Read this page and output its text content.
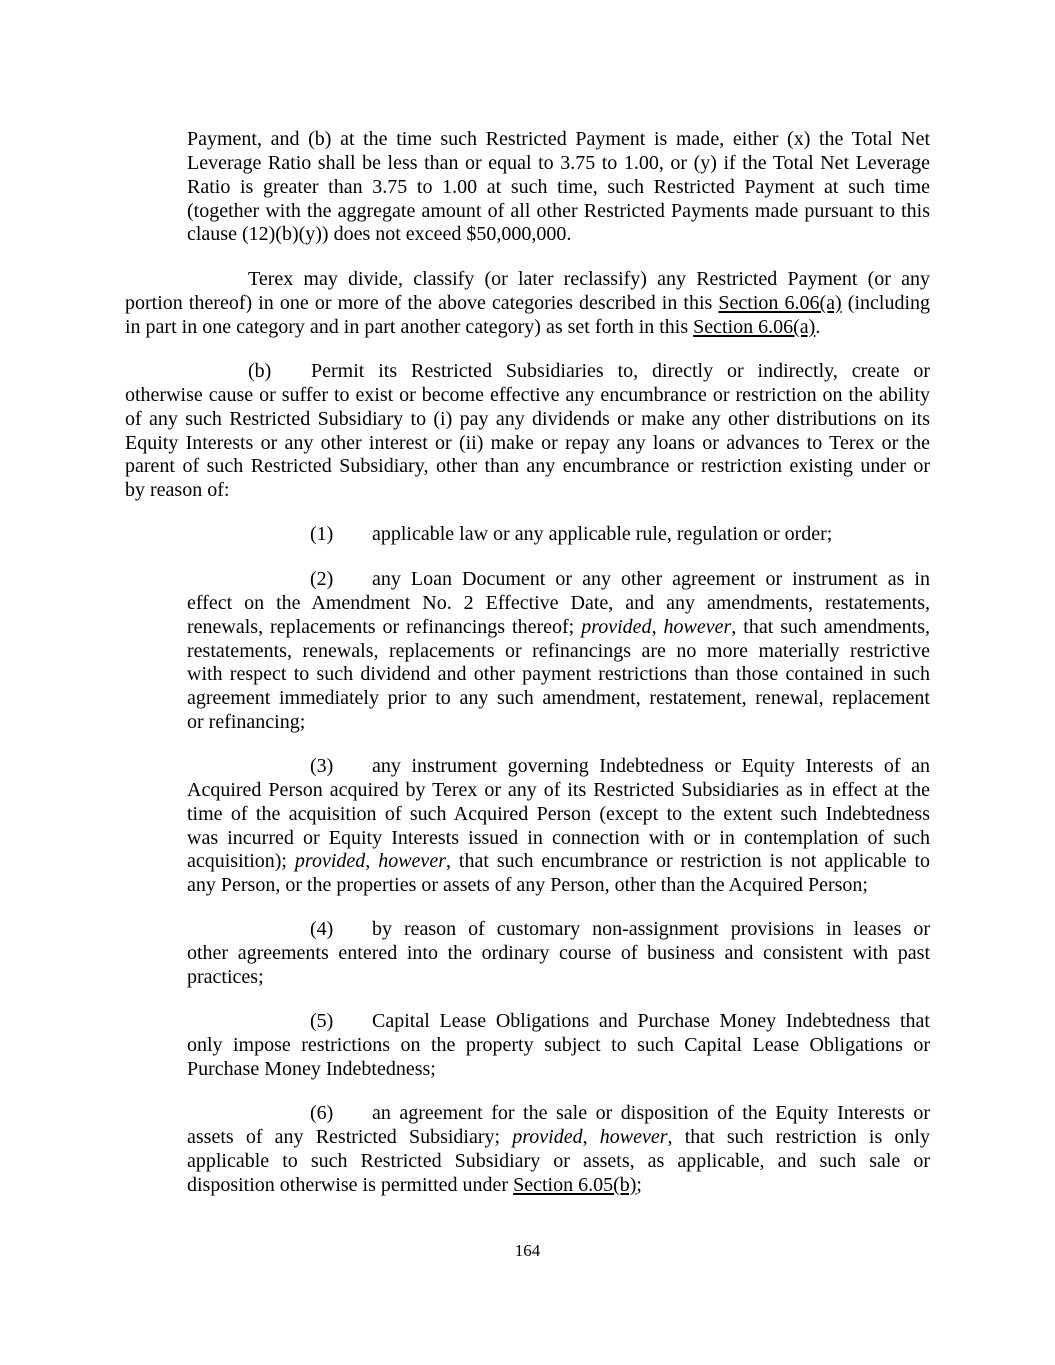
Payment, and (b) at the time such Restricted Payment is made, either (x) the Total Net
Leverage Ratio shall be less than or equal to 3.75 to 1.00, or (y) if the Total Net Leverage
Ratio is greater than 3.75 to 1.00 at such time, such Restricted Payment at such time
(together with the aggregate amount of all other Restricted Payments made pursuant to this
clause (12)(b)(y)) does not exceed $50,000,000.
Terex may divide, classify (or later reclassify) any Restricted Payment (or any
portion thereof) in one or more of the above categories described in this Section 6.06(a) (including
in part in one category and in part another category) as set forth in this Section 6.06(a).
(b) Permit its Restricted Subsidiaries to, directly or indirectly, create or
otherwise cause or suffer to exist or become effective any encumbrance or restriction on the ability
of any such Restricted Subsidiary to (i) pay any dividends or make any other distributions on its
Equity Interests or any other interest or (ii) make or repay any loans or advances to Terex or the
parent of such Restricted Subsidiary, other than any encumbrance or restriction existing under or
by reason of:
(1) applicable law or any applicable rule, regulation or order;
(2) any Loan Document or any other agreement or instrument as in
effect on the Amendment No. 2 Effective Date, and any amendments, restatements,
renewals, replacements or refinancings thereof; provided, however, that such amendments,
restatements, renewals, replacements or refinancings are no more materially restrictive
with respect to such dividend and other payment restrictions than those contained in such
agreement immediately prior to any such amendment, restatement, renewal, replacement
or refinancing;
(3) any instrument governing Indebtedness or Equity Interests of an
Acquired Person acquired by Terex or any of its Restricted Subsidiaries as in effect at the
time of the acquisition of such Acquired Person (except to the extent such Indebtedness
was incurred or Equity Interests issued in connection with or in contemplation of such
acquisition); provided, however, that such encumbrance or restriction is not applicable to
any Person, or the properties or assets of any Person, other than the Acquired Person;
(4) by reason of customary non-assignment provisions in leases or
other agreements entered into the ordinary course of business and consistent with past
practices;
(5) Capital Lease Obligations and Purchase Money Indebtedness that
only impose restrictions on the property subject to such Capital Lease Obligations or
Purchase Money Indebtedness;
(6) an agreement for the sale or disposition of the Equity Interests or
assets of any Restricted Subsidiary; provided, however, that such restriction is only
applicable to such Restricted Subsidiary or assets, as applicable, and such sale or
disposition otherwise is permitted under Section 6.05(b);
164
